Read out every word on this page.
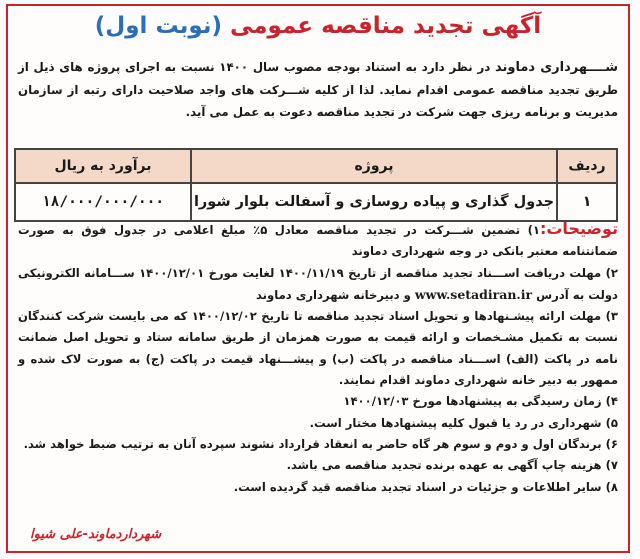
آگهی تجدید مناقصه عمومی (نوبت اول)
شــــهرداری دماوند در نظر دارد به استناد بودجه مصوب سال ۱۴۰۰ نسبت به اجرای پروژه های ذیل از طریق تجدید مناقصه عمومی اقدام نماید. لذا از کلیه شـــرکت های واجد صلاحیت دارای رتبه از سازمان مدیریت و برنامه ریزی جهت شرکت در تجدید مناقصه دعوت به عمل می آید.
ردیف	پروژه	برآورد به ریال
۱	جدول گذاری و پیاده روسازی و آسفالت بلوار شورا	۱۸/۰۰۰/۰۰۰/۰۰۰

توضیحات:۱) تضمین شـــرکت در تجدید مناقصه معادل ۵٪ مبلغ اعلامی در جدول فوق به صورت ضمانتنامه معتبر بانکی در وجه شهرداری دماوند

۲) مهلت دریافت اســـناد تجدید مناقصه از تاریخ ۱۴۰۰/۱۱/۱۹ لغایت مورخ ۱۴۰۰/۱۲/۰۱ ســـامانه الکترونیکی دولت به آدرس www.setadiran.ir و دبیرخانه شهرداری دماوند

۳) مهلت ارائه پیشـنهادها و تحویل اسناد تجدید مناقصه تا تاریخ ۱۴۰۰/۱۲/۰۲ که می بایست شرکت کنندگان نسبت به تکمیل مشـخصات و ارائه قیمت به صورت همزمان از طریق سامانه ستاد و تحویل اصل ضمانت نامه در پاکت (الف) اســـناد مناقصه در پاکت (ب) و پیشـــنهاد قیمت در پاکت (ج) به صورت لاک شده و ممهور به دبیر خانه شهرداری دماوند اقدام نمایند.

۴) زمان رسیدگی به پیشنهادها مورخ ۱۴۰۰/۱۲/۰۳

۵) شهرداری در رد یا قبول کلیه پیشنهادها مختار است.

۶) برندگان اول و دوم و سوم هر گاه حاضر به انعقاد قرارداد نشوند سپرده آنان به ترتیب ضبط خواهد شد.

۷) هزینه چاپ آگهی به عهده برنده تجدید مناقصه می باشد.

۸) سایر اطلاعات و جزئیات در اسناد تجدید مناقصه قید گردیده است.

شهرداردماوند-علی شیوا
